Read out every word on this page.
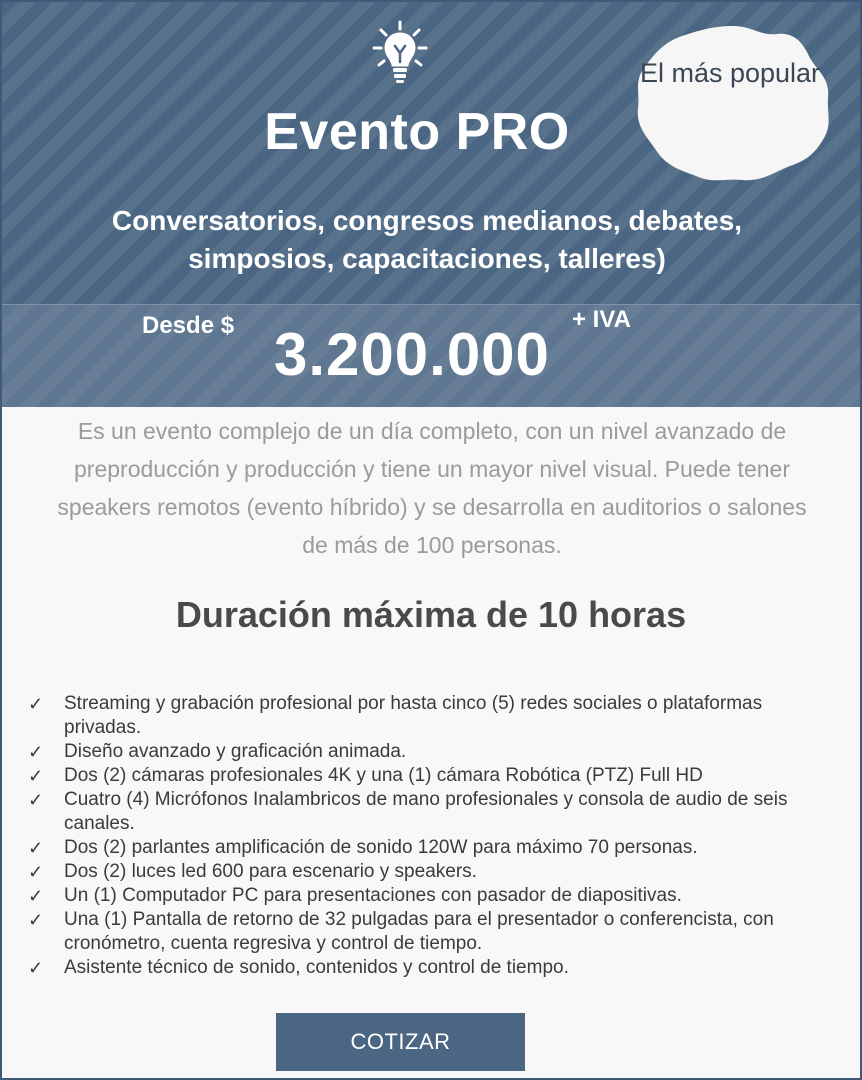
Evento PRO
El más popular
Conversatorios, congresos medianos, debates, simposios, capacitaciones, talleres)
Desde $ 3.200.000
+ IVA
Es un evento complejo de un día completo, con un nivel avanzado de preproducción y producción y tiene un mayor nivel visual. Puede tener speakers remotos (evento híbrido) y se desarrolla en auditorios o salones de más de 100 personas.
Duración máxima de 10 horas
✓ Streaming y grabación profesional por hasta cinco (5) redes sociales o plataformas privadas.
✓ Diseño avanzado y graficación animada.
✓ Dos (2) cámaras profesionales 4K y una (1) cámara Robótica (PTZ) Full HD
✓ Cuatro (4) Micrófonos Inalambricos de mano profesionales y consola de audio de seis canales.
✓ Dos (2) parlantes amplificación de sonido 120W para máximo 70 personas.
✓ Dos (2) luces led 600 para escenario y speakers.
✓ Un (1) Computador PC para presentaciones con pasador de diapositivas.
✓ Una (1) Pantalla de retorno de 32 pulgadas para el presentador o conferencista, con cronómetro, cuenta regresiva y control de tiempo.
✓ Asistente técnico de sonido, contenidos y control de tiempo.
COTIZAR
